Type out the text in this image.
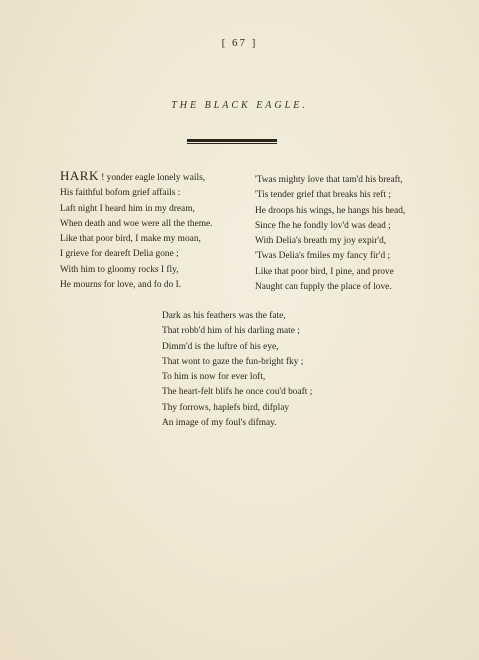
[ 67 ]
THE BLACK EAGLE.
HARK ! yonder eagle lonely wails,
His faithful bofom grief affails :
Laft night I heard him in my dream,
When death and woe were all the theme.
Like that poor bird, I make my moan,
I grieve for deareft Delia gone ;
With him to gloomy rocks I fly,
He mourns for love, and fo do I.
'Twas mighty love that tam'd his breaft,
'Tis tender grief that breaks his reft ;
He droops his wings, he hangs his head,
Since fhe he fondly lov'd was dead ;
With Delia's breath my joy expir'd,
'Twas Delia's fmiles my fancy fir'd ;
Like that poor bird, I pine, and prove
Naught can fupply the place of love.
Dark as his feathers was the fate,
That robb'd him of his darling mate ;
Dimm'd is the luftre of his eye,
That wont to gaze the fun-bright fky ;
To him is now for ever loft,
The heart-felt blifs he once cou'd boaft ;
Thy forrows, haplefs bird, difplay
An image of my foul's difmay.
